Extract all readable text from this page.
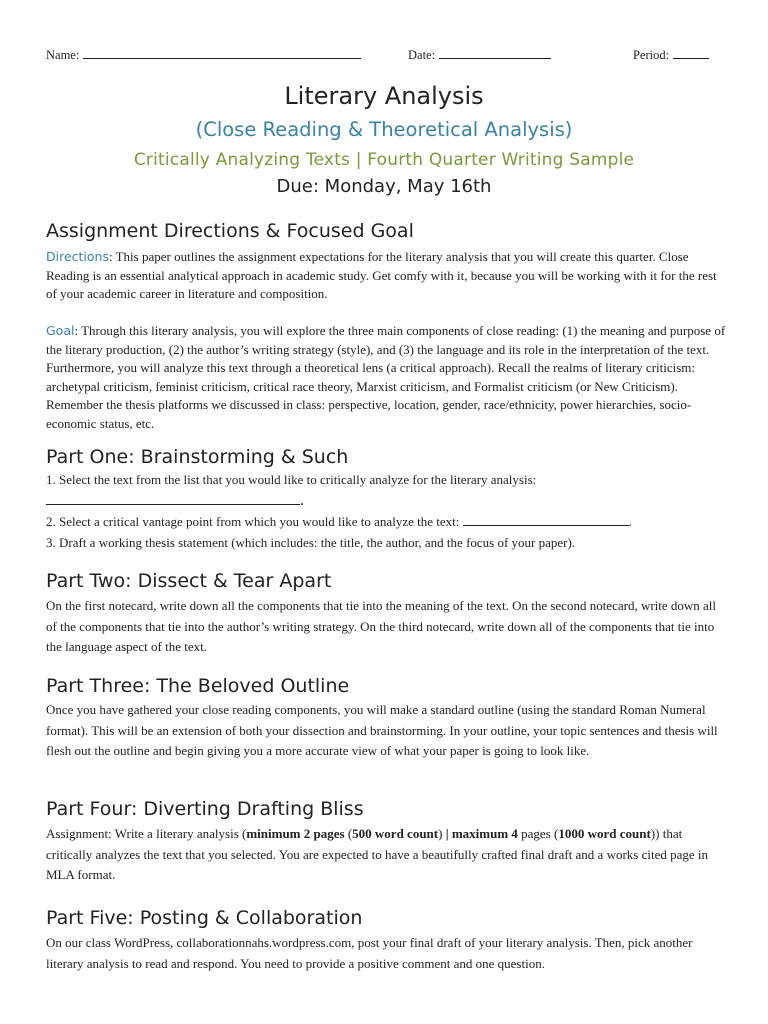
Name:	Date:	Period:
Literary Analysis
(Close Reading & Theoretical Analysis)
Critically Analyzing Texts | Fourth Quarter Writing Sample
Due: Monday, May 16th
Assignment Directions & Focused Goal

Directions: This paper outlines the assignment expectations for the literary analysis that you will create this quarter. Close Reading is an essential analytical approach in academic study. Get comfy with it, because you will be working with it for the rest of your academic career in literature and composition.

Goal: Through this literary analysis, you will explore the three main components of close reading: (1) the meaning and purpose of the literary production, (2) the author’s writing strategy (style), and (3) the language and its role in the interpretation of the text. Furthermore, you will analyze this text through a theoretical lens (a critical approach). Recall the realms of literary criticism: archetypal criticism, feminist criticism, critical race theory, Marxist criticism, and Formalist criticism (or New Criticism). Remember the thesis platforms we discussed in class: perspective, location, gender, race/ethnicity, power hierarchies, socio-economic status, etc.

Part One: Brainstorming & Such

1. Select the text from the list that you would like to critically analyze for the literary analysis:

.

2. Select a critical vantage point from which you would like to analyze the text:	.

3. Draft a working thesis statement (which includes: the title, the author, and the focus of your paper).

Part Two: Dissect & Tear Apart

On the first notecard, write down all the components that tie into the meaning of the text. On the second notecard, write down all of the components that tie into the author’s writing strategy. On the third notecard, write down all of the components that tie into the language aspect of the text.

Part Three: The Beloved Outline

Once you have gathered your close reading components, you will make a standard outline (using the standard Roman Numeral format). This will be an extension of both your dissection and brainstorming. In your outline, your topic sentences and thesis will flesh out the outline and begin giving you a more accurate view of what your paper is going to look like.

Part Four: Diverting Drafting Bliss

Assignment: Write a literary analysis (minimum 2 pages (500 word count) | maximum 4 pages (1000 word count)) that critically analyzes the text that you selected. You are expected to have a beautifully crafted final draft and a works cited page in MLA format.

Part Five: Posting & Collaboration

On our class WordPress, collaborationnahs.wordpress.com, post your final draft of your literary analysis. Then, pick another literary analysis to read and respond. You need to provide a positive comment and one question.
